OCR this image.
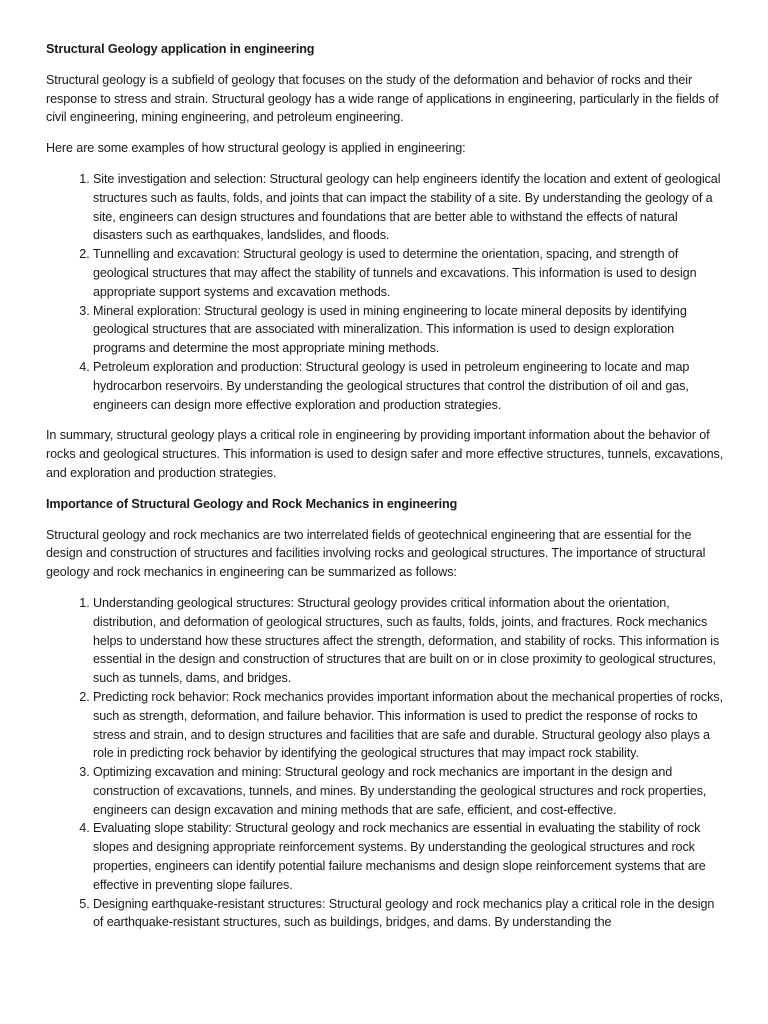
Structural Geology application in engineering

Structural geology is a subfield of geology that focuses on the study of the deformation and behavior of rocks and their response to stress and strain. Structural geology has a wide range of applications in engineering, particularly in the fields of civil engineering, mining engineering, and petroleum engineering.

Here are some examples of how structural geology is applied in engineering:

1. Site investigation and selection: Structural geology can help engineers identify the location and extent of geological structures such as faults, folds, and joints that can impact the stability of a site. By understanding the geology of a site, engineers can design structures and foundations that are better able to withstand the effects of natural disasters such as earthquakes, landslides, and floods.
2. Tunnelling and excavation: Structural geology is used to determine the orientation, spacing, and strength of geological structures that may affect the stability of tunnels and excavations. This information is used to design appropriate support systems and excavation methods.
3. Mineral exploration: Structural geology is used in mining engineering to locate mineral deposits by identifying geological structures that are associated with mineralization. This information is used to design exploration programs and determine the most appropriate mining methods.
4. Petroleum exploration and production: Structural geology is used in petroleum engineering to locate and map hydrocarbon reservoirs. By understanding the geological structures that control the distribution of oil and gas, engineers can design more effective exploration and production strategies.

In summary, structural geology plays a critical role in engineering by providing important information about the behavior of rocks and geological structures. This information is used to design safer and more effective structures, tunnels, excavations, and exploration and production strategies.

Importance of Structural Geology and Rock Mechanics in engineering

Structural geology and rock mechanics are two interrelated fields of geotechnical engineering that are essential for the design and construction of structures and facilities involving rocks and geological structures. The importance of structural geology and rock mechanics in engineering can be summarized as follows:

1. Understanding geological structures: Structural geology provides critical information about the orientation, distribution, and deformation of geological structures, such as faults, folds, joints, and fractures. Rock mechanics helps to understand how these structures affect the strength, deformation, and stability of rocks. This information is essential in the design and construction of structures that are built on or in close proximity to geological structures, such as tunnels, dams, and bridges.
2. Predicting rock behavior: Rock mechanics provides important information about the mechanical properties of rocks, such as strength, deformation, and failure behavior. This information is used to predict the response of rocks to stress and strain, and to design structures and facilities that are safe and durable. Structural geology also plays a role in predicting rock behavior by identifying the geological structures that may impact rock stability.
3. Optimizing excavation and mining: Structural geology and rock mechanics are important in the design and construction of excavations, tunnels, and mines. By understanding the geological structures and rock properties, engineers can design excavation and mining methods that are safe, efficient, and cost-effective.
4. Evaluating slope stability: Structural geology and rock mechanics are essential in evaluating the stability of rock slopes and designing appropriate reinforcement systems. By understanding the geological structures and rock properties, engineers can identify potential failure mechanisms and design slope reinforcement systems that are effective in preventing slope failures.
5. Designing earthquake-resistant structures: Structural geology and rock mechanics play a critical role in the design of earthquake-resistant structures, such as buildings, bridges, and dams. By understanding the
